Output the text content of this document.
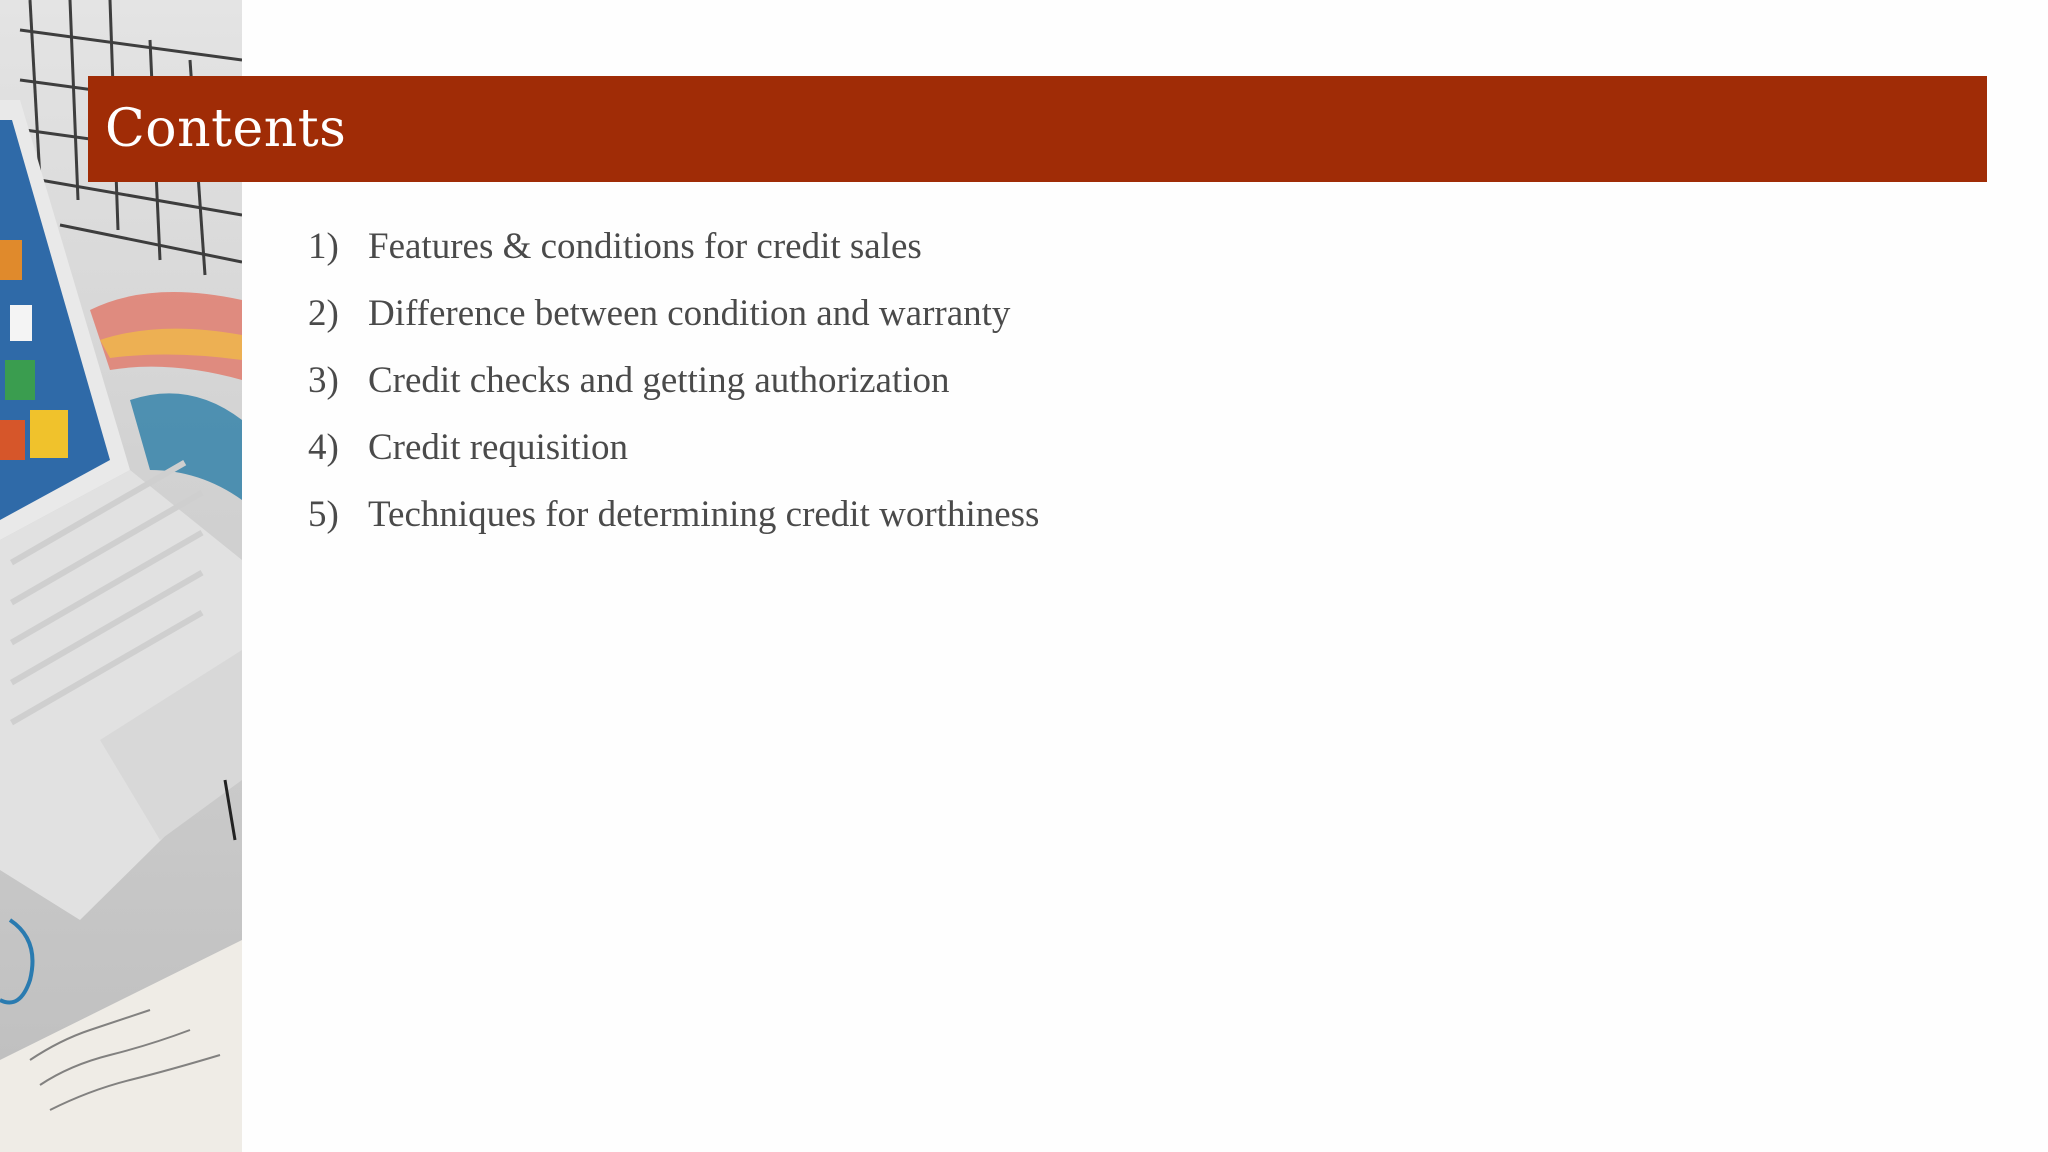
Contents
1) Features & conditions for credit sales
2) Difference between condition and warranty
3) Credit checks and getting authorization
4) Credit requisition
5) Techniques for determining credit worthiness
